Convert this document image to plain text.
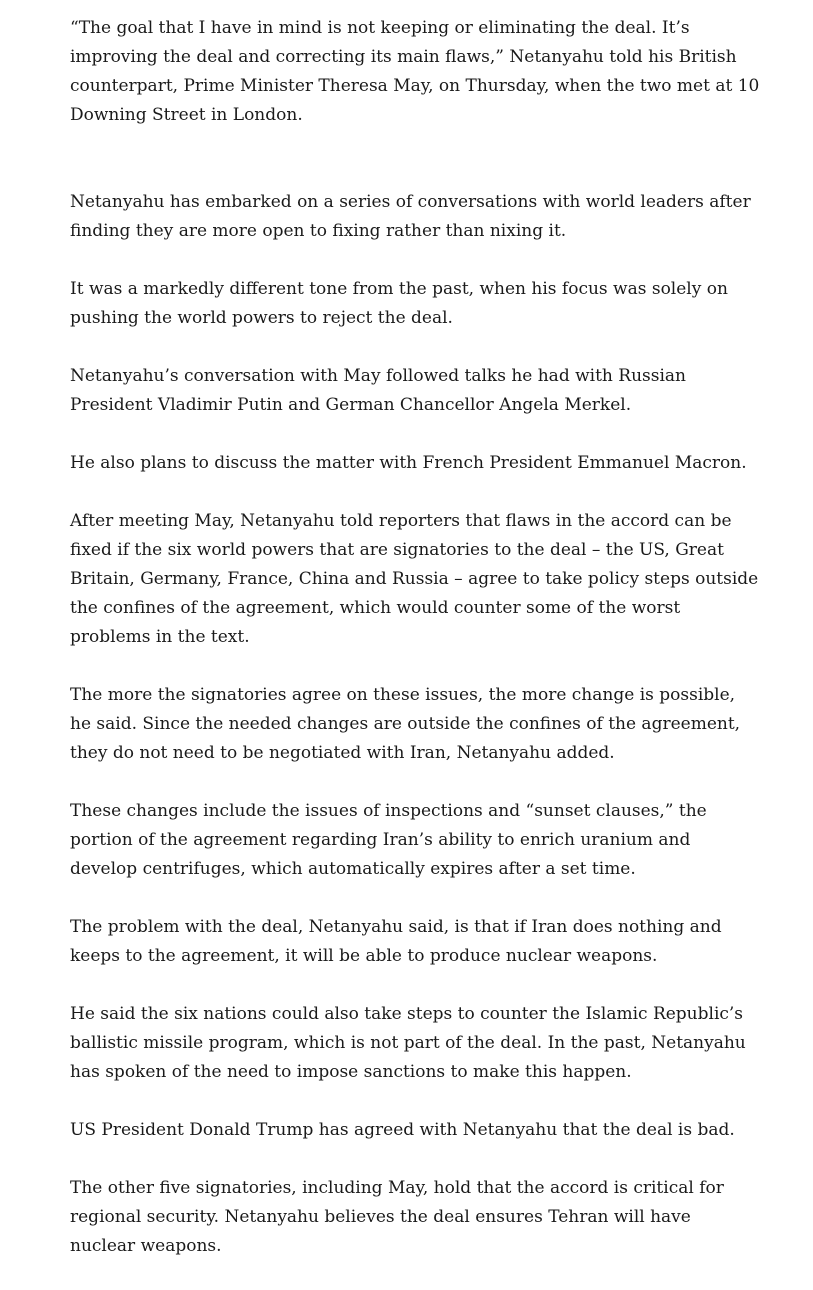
“The goal that I have in mind is not keeping or eliminating the deal. It’s improving the deal and correcting its main flaws,” Netanyahu told his British counterpart, Prime Minister Theresa May, on Thursday, when the two met at 10 Downing Street in London.

Netanyahu has embarked on a series of conversations with world leaders after finding they are more open to fixing rather than nixing it.

It was a markedly different tone from the past, when his focus was solely on pushing the world powers to reject the deal.

Netanyahu’s conversation with May followed talks he had with Russian President Vladimir Putin and German Chancellor Angela Merkel.

He also plans to discuss the matter with French President Emmanuel Macron.

After meeting May, Netanyahu told reporters that flaws in the accord can be fixed if the six world powers that are signatories to the deal – the US, Great Britain, Germany, France, China and Russia – agree to take policy steps outside the confines of the agreement, which would counter some of the worst problems in the text.

The more the signatories agree on these issues, the more change is possible, he said. Since the needed changes are outside the confines of the agreement, they do not need to be negotiated with Iran, Netanyahu added.

These changes include the issues of inspections and “sunset clauses,” the portion of the agreement regarding Iran’s ability to enrich uranium and develop centrifuges, which automatically expires after a set time.

The problem with the deal, Netanyahu said, is that if Iran does nothing and keeps to the agreement, it will be able to produce nuclear weapons.

He said the six nations could also take steps to counter the Islamic Republic’s ballistic missile program, which is not part of the deal. In the past, Netanyahu has spoken of the need to impose sanctions to make this happen.

US President Donald Trump has agreed with Netanyahu that the deal is bad.

The other five signatories, including May, hold that the accord is critical for regional security. Netanyahu believes the deal ensures Tehran will have nuclear weapons.
